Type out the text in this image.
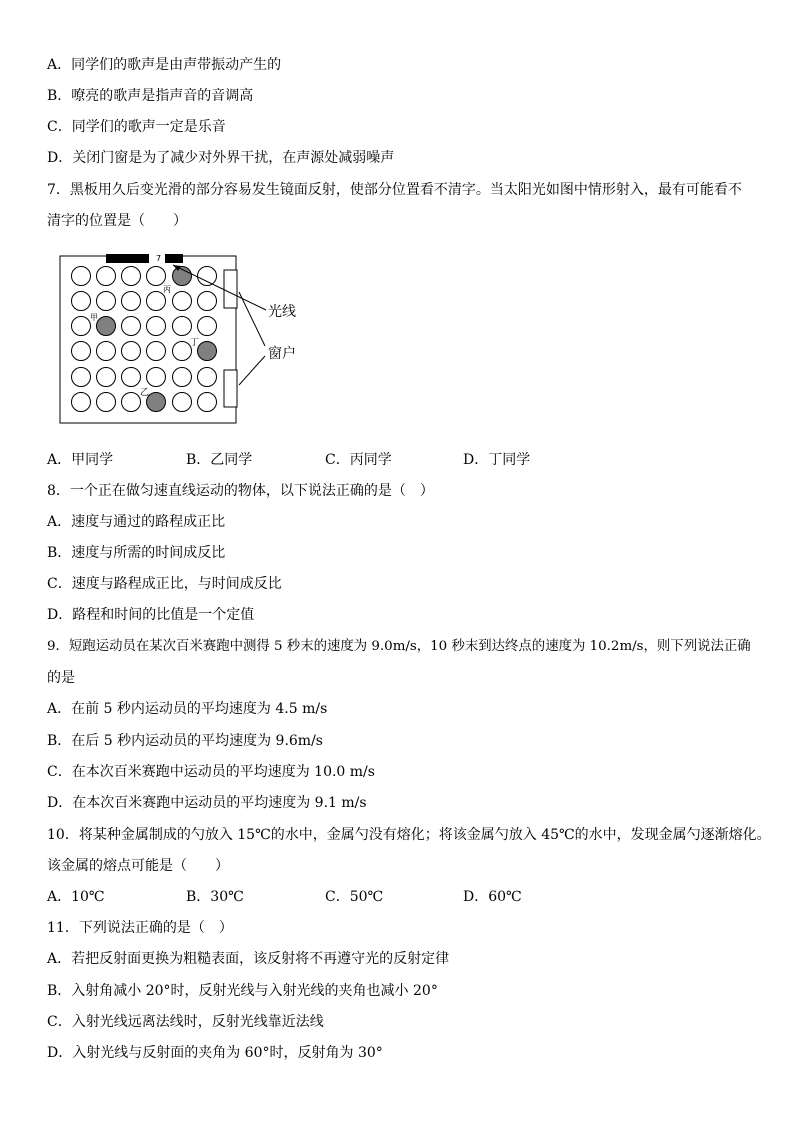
A．同学们的歌声是由声带振动产生的
B．嘹亮的歌声是指声音的音调高
C．同学们的歌声一定是乐音
D．关闭门窗是为了减少对外界干扰，在声源处减弱噪声
7．黑板用久后变光滑的部分容易发生镜面反射，使部分位置看不清字。当太阳光如图中情形射入，最有可能看不
清字的位置是（　　）
7
丙
甲
丁
乙
光线
窗户
A．甲同学	B．乙同学	C．丙同学	D．丁同学
8．一个正在做匀速直线运动的物体，以下说法正确的是（　）
A．速度与通过的路程成正比
B．速度与所需的时间成反比
C．速度与路程成正比，与时间成反比
D．路程和时间的比值是一个定值
9．短跑运动员在某次百米赛跑中测得 5 秒末的速度为 9.0m/s，10 秒末到达终点的速度为 10.2m/s，则下列说法正确
的是
A．在前 5 秒内运动员的平均速度为 4.5 m/s
B．在后 5 秒内运动员的平均速度为 9.6m/s
C．在本次百米赛跑中运动员的平均速度为 10.0 m/s
D．在本次百米赛跑中运动员的平均速度为 9.1 m/s
10．将某种金属制成的勺放入 15℃的水中，金属勺没有熔化；将该金属勺放入 45℃的水中，发现金属勺逐渐熔化。
该金属的熔点可能是（　　）
A．10℃	B．30℃	C．50℃	D．60℃
11．下列说法正确的是（　）
A．若把反射面更换为粗糙表面，该反射将不再遵守光的反射定律
B．入射角减小 20°时，反射光线与入射光线的夹角也减小 20°
C．入射光线远离法线时，反射光线靠近法线
D．入射光线与反射面的夹角为 60°时，反射角为 30°
